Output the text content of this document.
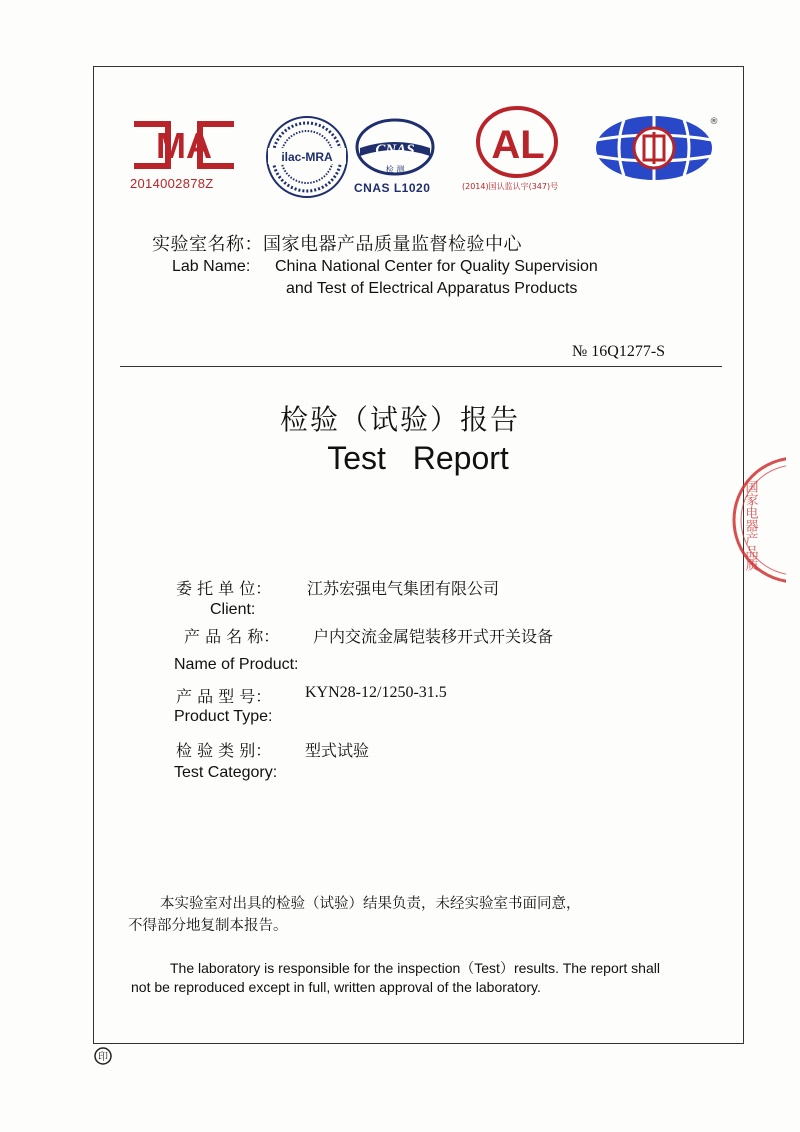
MA
2014002878Z
ilac-MRA	CNAS
检 测
CNAS L1020
AL
(2014)国认监认字(347)号
®
实验室名称：国家电器产品质量监督检验中心
Lab Name: China National Center for Quality Supervision
and Test of Electrical Apparatus Products
№ 16Q1277-S
检验（试验）报告
Test Report
国家电器产品质
委 托 单 位： 江苏宏强电气集团有限公司
Client:
产 品 名 称： 户内交流金属铠装移开式开关设备
Name of Product:
产 品 型 号： KYN28-12/1250-31.5
Product Type:
检 验 类 别： 型式试验
Test Category:
本实验室对出具的检验（试验）结果负责，未经实验室书面同意，
不得部分地复制本报告。
The laboratory is responsible for the inspection（Test）results. The report shall
not be reproduced except in full, written approval of the laboratory.
印
